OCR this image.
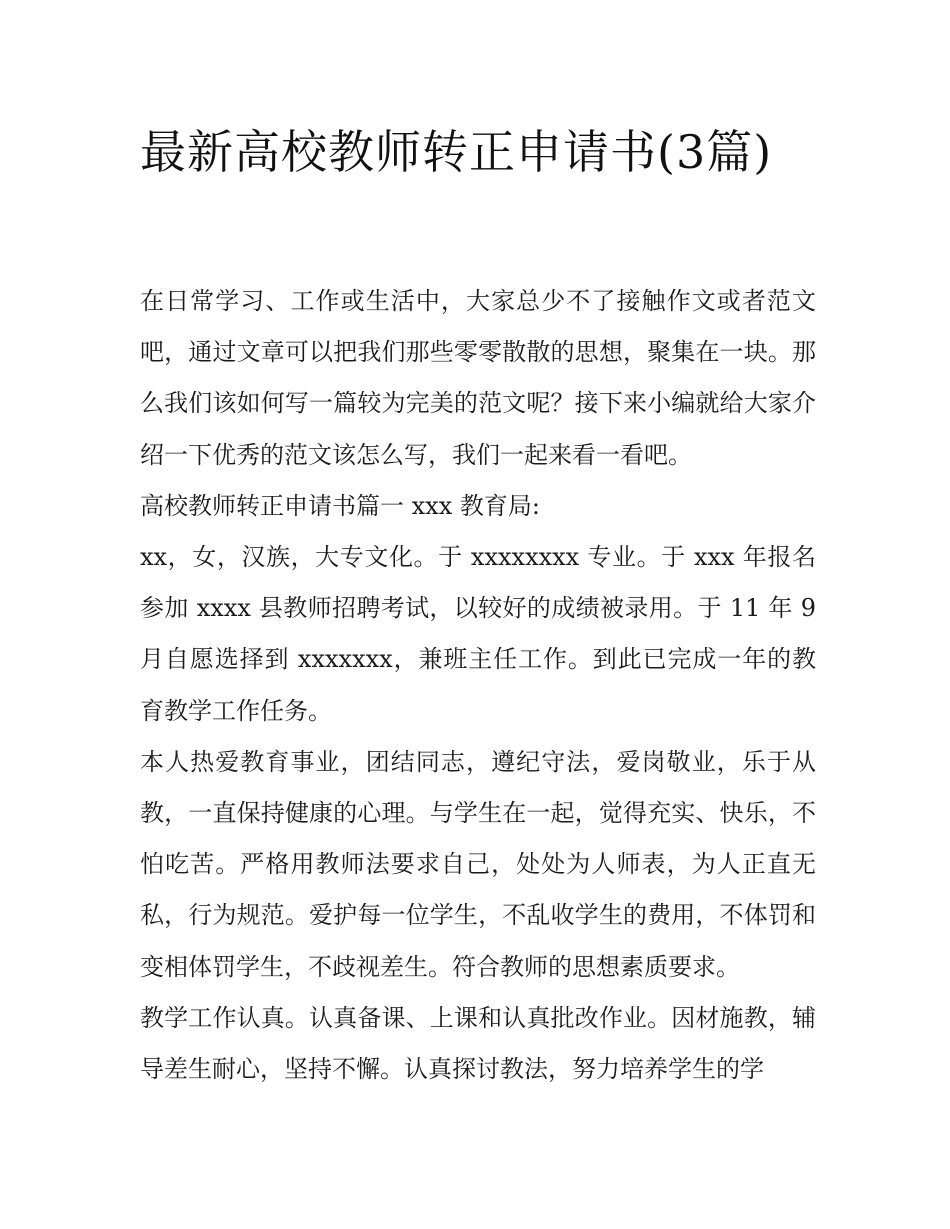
最新高校教师转正申请书(3篇)

在日常学习、工作或生活中，大家总少不了接触作文或者范文吧，通过文章可以把我们那些零零散散的思想，聚集在一块。那么我们该如何写一篇较为完美的范文呢？接下来小编就给大家介绍一下优秀的范文该怎么写，我们一起来看一看吧。

高校教师转正申请书篇一 xxx 教育局:

xx，女，汉族，大专文化。于 xxxxxxxx 专业。于 xxx 年报名参加 xxxx 县教师招聘考试，以较好的成绩被录用。于 11 年 9 月自愿选择到 xxxxxxx，兼班主任工作。到此已完成一年的教育教学工作任务。

本人热爱教育事业，团结同志，遵纪守法，爱岗敬业，乐于从教，一直保持健康的心理。与学生在一起，觉得充实、快乐，不怕吃苦。严格用教师法要求自己，处处为人师表，为人正直无私，行为规范。爱护每一位学生，不乱收学生的费用，不体罚和变相体罚学生，不歧视差生。符合教师的思想素质要求。

教学工作认真。认真备课、上课和认真批改作业。因材施教，辅导差生耐心，坚持不懈。认真探讨教法，努力培养学生的学
